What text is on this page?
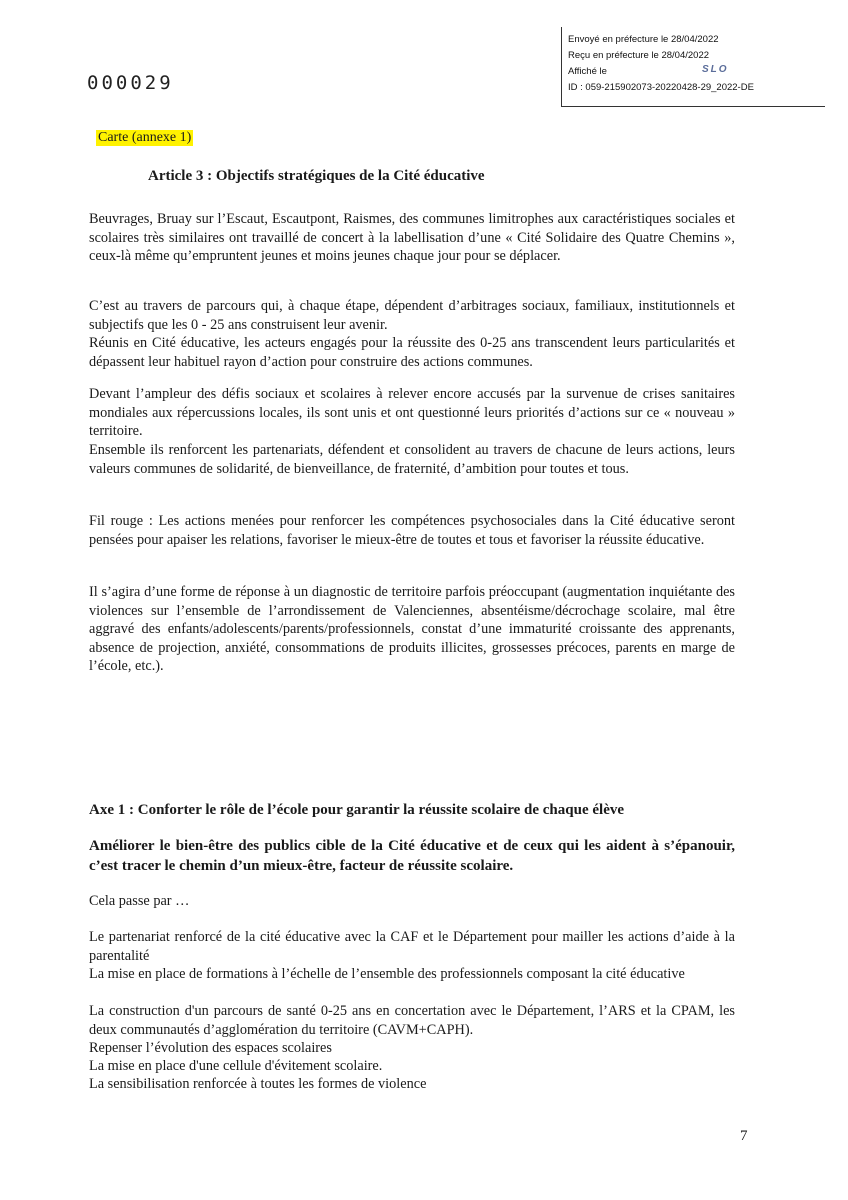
Envoyé en préfecture le 28/04/2022
Reçu en préfecture le 28/04/2022
Affiché le
ID : 059-215902073-20220428-29_2022-DE
SLO
000029
Carte (annexe 1)
Article 3 : Objectifs stratégiques de la Cité éducative

Beuvrages, Bruay sur l’Escaut, Escautpont, Raismes, des communes limitrophes aux caractéristiques sociales et scolaires très similaires ont travaillé de concert à la labellisation d’une « Cité Solidaire des Quatre Chemins », ceux-là même qu’empruntent jeunes et moins jeunes chaque jour pour se déplacer.

C’est au travers de parcours qui, à chaque étape, dépendent d’arbitrages sociaux, familiaux, institutionnels et subjectifs que les 0 - 25 ans construisent leur avenir.

Réunis en Cité éducative, les acteurs engagés pour la réussite des 0-25 ans transcendent leurs particularités et dépassent leur habituel rayon d’action pour construire des actions communes.

Devant l’ampleur des défis sociaux et scolaires à relever encore accusés par la survenue de crises sanitaires mondiales aux répercussions locales, ils sont unis et ont questionné leurs priorités d’actions sur ce « nouveau » territoire.

Ensemble ils renforcent les partenariats, défendent et consolident au travers de chacune de leurs actions, leurs valeurs communes de solidarité, de bienveillance, de fraternité, d’ambition pour toutes et tous.

Fil rouge : Les actions menées pour renforcer les compétences psychosociales dans la Cité éducative seront pensées pour apaiser les relations, favoriser le mieux-être de toutes et tous et favoriser la réussite éducative.

Il s’agira d’une forme de réponse à un diagnostic de territoire parfois préoccupant (augmentation inquiétante des violences sur l’ensemble de l’arrondissement de Valenciennes, absentéisme/décrochage scolaire, mal être aggravé des enfants/adolescents/parents/professionnels, constat d’une immaturité croissante des apprenants, absence de projection, anxiété, consommations de produits illicites, grossesses précoces, parents en marge de l’école, etc.).

Axe 1 : Conforter le rôle de l’école pour garantir la réussite scolaire de chaque élève

Améliorer le bien-être des publics cible de la Cité éducative et de ceux qui les aident à s’épanouir, c’est tracer le chemin d’un mieux-être, facteur de réussite scolaire.

Cela passe par …

Le partenariat renforcé de la cité éducative avec la CAF et le Département pour mailler les actions d’aide à la parentalité

La mise en place de formations à l’échelle de l’ensemble des professionnels composant la cité éducative

La construction d'un parcours de santé 0-25 ans en concertation avec le Département, l’ARS et la CPAM, les deux communautés d’agglomération du territoire (CAVM+CAPH).

Repenser l’évolution des espaces scolaires

La mise en place d'une cellule d'évitement scolaire.

La sensibilisation renforcée à toutes les formes de violence

7
